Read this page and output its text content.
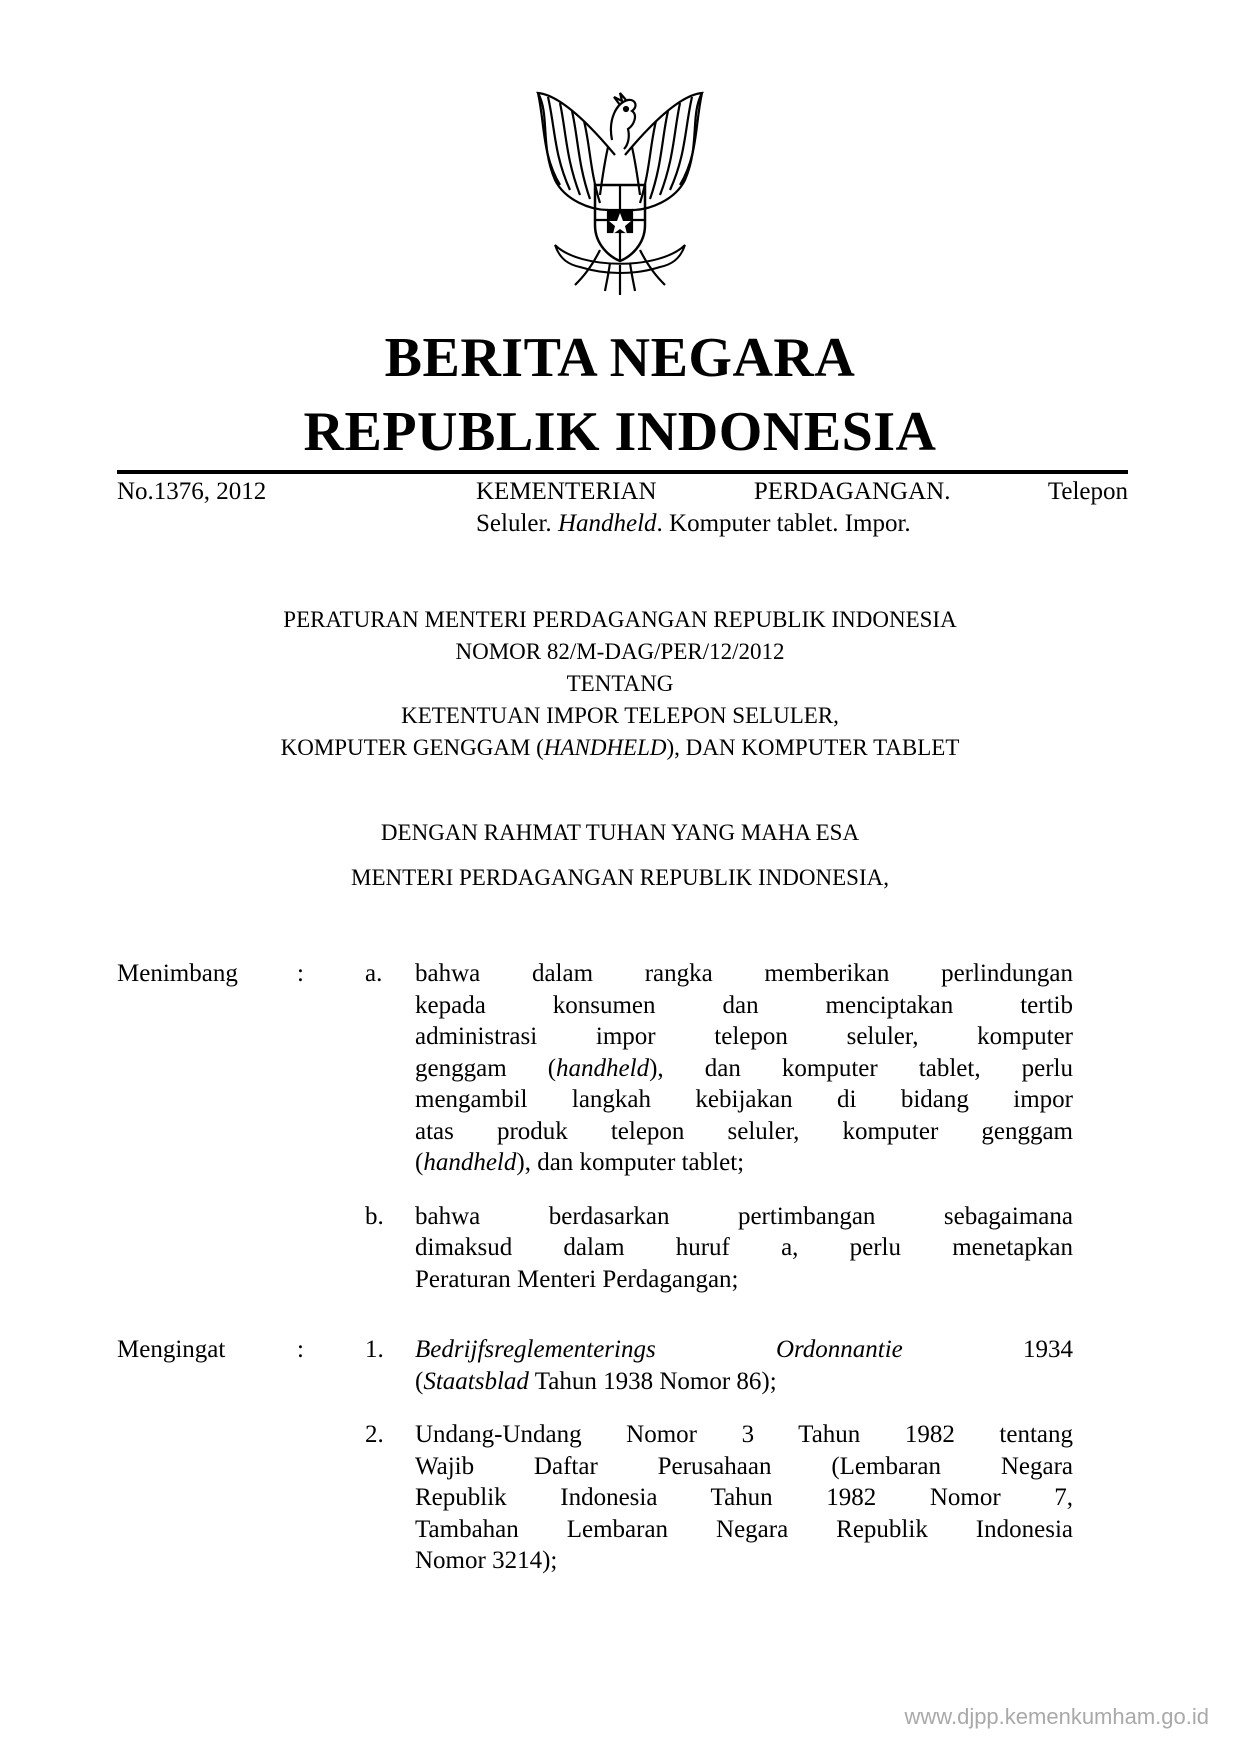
BERITA NEGARA
REPUBLIK INDONESIA
No.1376, 2012	KEMENTERIAN	PERDAGANGAN.	Telepon
Seluler. Handheld. Komputer tablet. Impor.
PERATURAN MENTERI PERDAGANGAN REPUBLIK INDONESIA
NOMOR 82/M-DAG/PER/12/2012
TENTANG
KETENTUAN IMPOR TELEPON SELULER,
KOMPUTER GENGGAM (HANDHELD), DAN KOMPUTER TABLET
DENGAN RAHMAT TUHAN YANG MAHA ESA
MENTERI PERDAGANGAN REPUBLIK INDONESIA,
Menimbang	:	a.	bahwa dalam rangka memberikan perlindungan
kepada konsumen dan menciptakan tertib
administrasi impor telepon seluler, komputer
genggam (handheld), dan komputer tablet, perlu
mengambil langkah kebijakan di bidang impor
atas produk telepon seluler, komputer genggam
(handheld), dan komputer tablet;
b.	bahwa berdasarkan pertimbangan sebagaimana
dimaksud dalam huruf a, perlu menetapkan
Peraturan Menteri Perdagangan;
Mengingat	:	1.	Bedrijfsreglementerings	Ordonnantie	1934
(Staatsblad Tahun 1938 Nomor 86);
2.	Undang-Undang Nomor 3 Tahun 1982 tentang
Wajib Daftar Perusahaan (Lembaran Negara
Republik Indonesia Tahun 1982 Nomor 7,
Tambahan Lembaran Negara Republik Indonesia
Nomor 3214);
www.djpp.kemenkumham.go.id
